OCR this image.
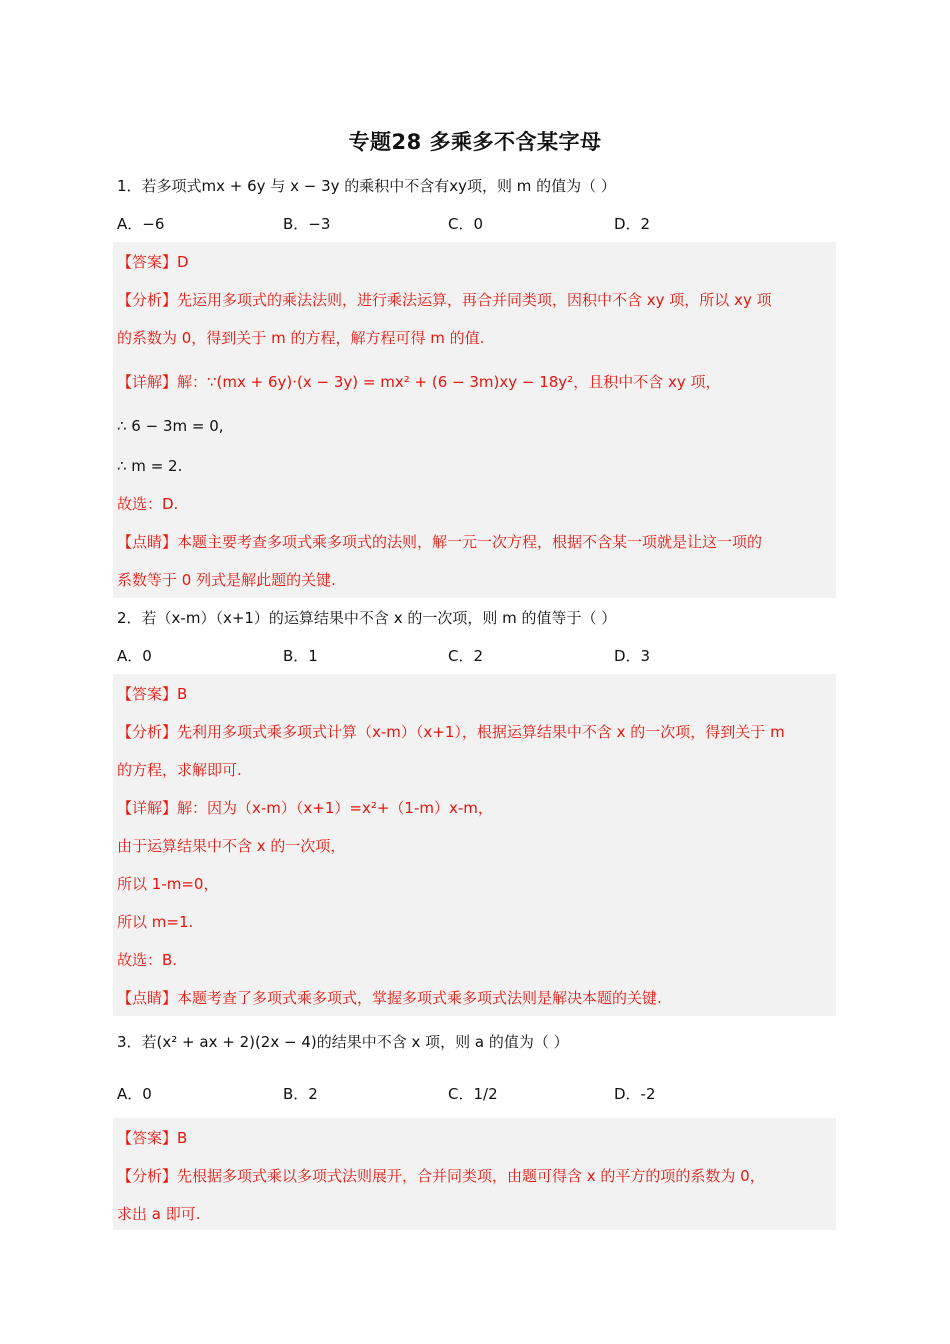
专题28 多乘多不含某字母
1．若多项式mx + 6y 与 x − 3y 的乘积中不含有xy项，则 m 的值为（ ）
A．−6	B．−3	C．0	D．2
【答案】D
【分析】先运用多项式的乘法法则，进行乘法运算，再合并同类项，因积中不含 xy 项，所以 xy 项
的系数为 0，得到关于 m 的方程，解方程可得 m 的值.
【详解】解：∵(mx + 6y)·(x − 3y) = mx² + (6 − 3m)xy − 18y²，且积中不含 xy 项，
∴ 6 − 3m = 0,
∴ m = 2.
故选：D.
【点睛】本题主要考查多项式乘多项式的法则，解一元一次方程，根据不含某一项就是让这一项的
系数等于 0 列式是解此题的关键.
2．若（x-m）（x+1）的运算结果中不含 x 的一次项，则 m 的值等于（ ）
A．0	B．1	C．2	D．3
【答案】B
【分析】先利用多项式乘多项式计算（x-m）（x+1），根据运算结果中不含 x 的一次项，得到关于 m
的方程，求解即可.
【详解】解：因为（x-m）（x+1）=x²+（1-m）x-m，
由于运算结果中不含 x 的一次项，
所以 1-m=0，
所以 m=1.
故选：B.
【点睛】本题考查了多项式乘多项式，掌握多项式乘多项式法则是解决本题的关键.
3．若(x² + ax + 2)(2x − 4)的结果中不含 x 项，则 a 的值为（ ）
A．0	B．2	C．1/2	D．-2
【答案】B
【分析】先根据多项式乘以多项式法则展开，合并同类项，由题可得含 x 的平方的项的系数为 0，
求出 a 即可.
